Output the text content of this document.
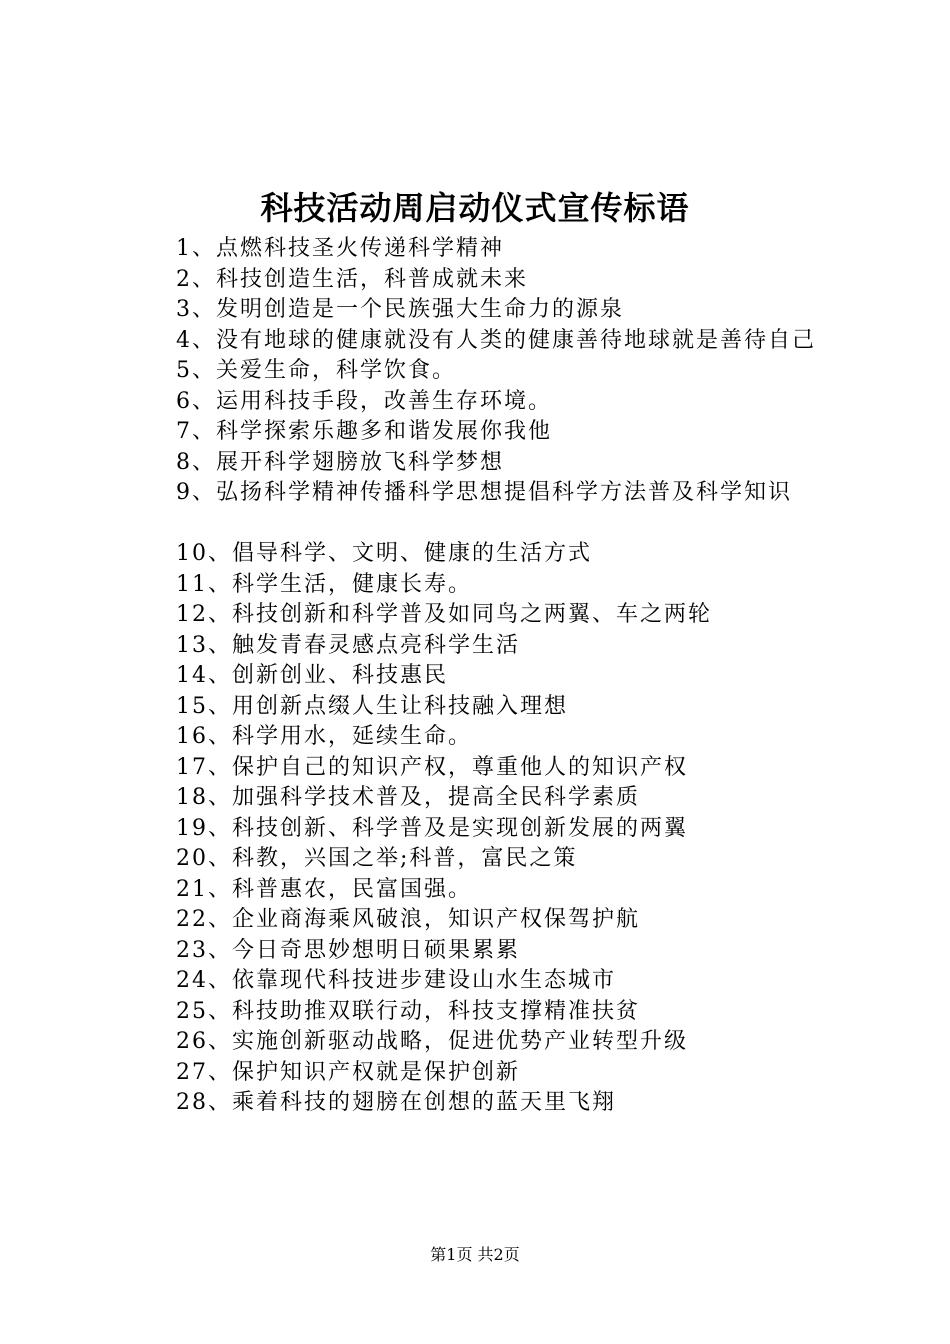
科技活动周启动仪式宣传标语
1、点燃科技圣火传递科学精神
2、科技创造生活，科普成就未来
3、发明创造是一个民族强大生命力的源泉
4、没有地球的健康就没有人类的健康善待地球就是善待自己
5、关爱生命，科学饮食。
6、运用科技手段，改善生存环境。
7、科学探索乐趣多和谐发展你我他
8、展开科学翅膀放飞科学梦想
9、弘扬科学精神传播科学思想提倡科学方法普及科学知识
10、倡导科学、文明、健康的生活方式
11、科学生活，健康长寿。
12、科技创新和科学普及如同鸟之两翼、车之两轮
13、触发青春灵感点亮科学生活
14、创新创业、科技惠民
15、用创新点缀人生让科技融入理想
16、科学用水，延续生命。
17、保护自己的知识产权，尊重他人的知识产权
18、加强科学技术普及，提高全民科学素质
19、科技创新、科学普及是实现创新发展的两翼
20、科教，兴国之举;科普，富民之策
21、科普惠农，民富国强。
22、企业商海乘风破浪，知识产权保驾护航
23、今日奇思妙想明日硕果累累
24、依靠现代科技进步建设山水生态城市
25、科技助推双联行动，科技支撑精准扶贫
26、实施创新驱动战略，促进优势产业转型升级
27、保护知识产权就是保护创新
28、乘着科技的翅膀在创想的蓝天里飞翔
第1页 共2页
